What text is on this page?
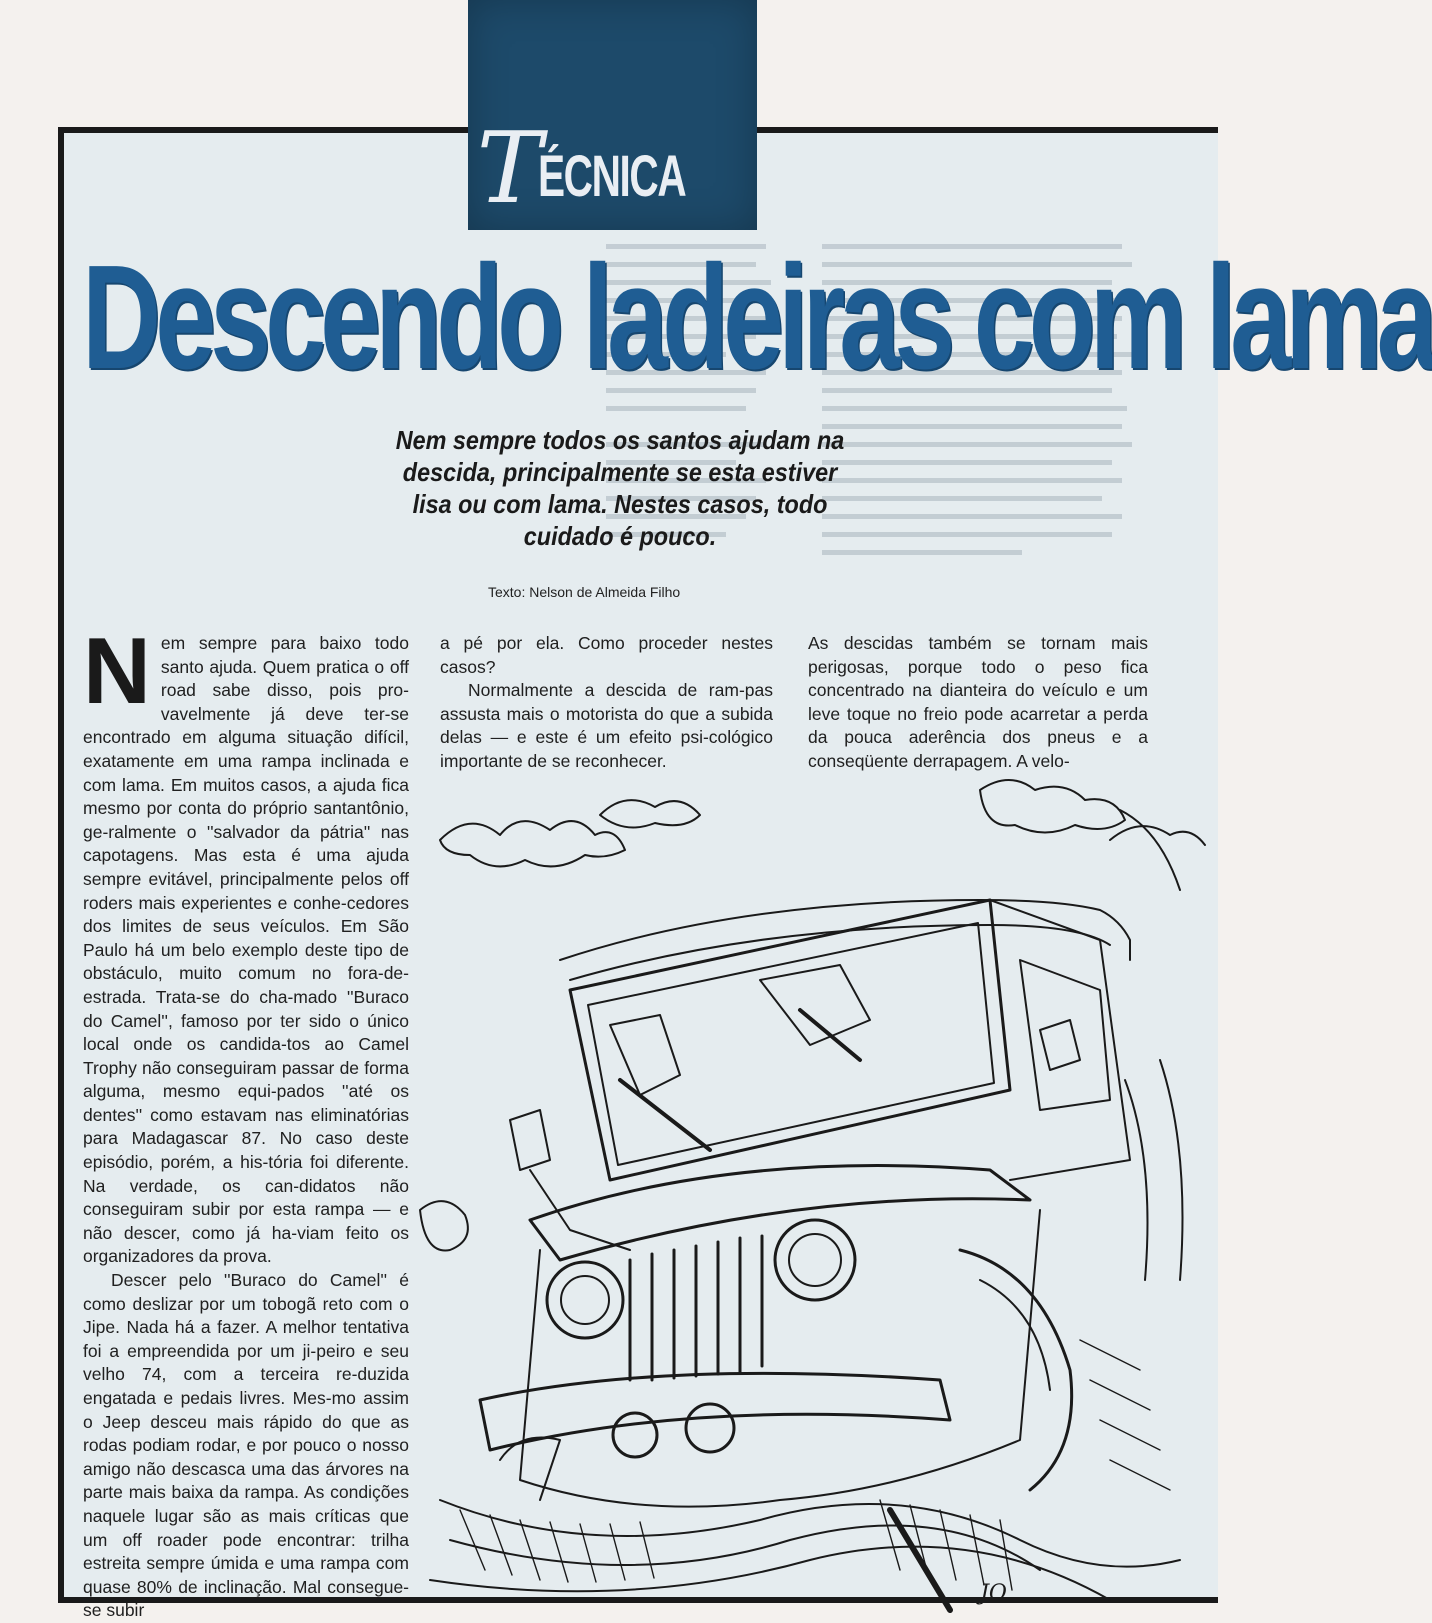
TÉCNICA
Descendo ladeiras com lama
Nem sempre todos os santos ajudam na descida, principalmente se esta estiver lisa ou com lama. Nestes casos, todo cuidado é pouco.
Texto: Nelson de Almeida Filho

Nem sempre para baixo todo santo ajuda. Quem pratica o off road sabe disso, pois pro-vavelmente já deve ter-se encontrado em alguma situação difícil, exatamente em uma rampa inclinada e com lama. Em muitos casos, a ajuda fica mesmo por conta do próprio santantônio, ge-ralmente o ''salvador da pátria'' nas capotagens. Mas esta é uma ajuda sempre evitável, principalmente pelos off roders mais experientes e conhe-cedores dos limites de seus veículos. Em São Paulo há um belo exemplo deste tipo de obstáculo, muito comum no fora-de-estrada. Trata-se do cha-mado ''Buraco do Camel'', famoso por ter sido o único local onde os candida-tos ao Camel Trophy não conseguiram passar de forma alguma, mesmo equi-pados ''até os dentes'' como estavam nas eliminatórias para Madagascar 87. No caso deste episódio, porém, a his-tória foi diferente. Na verdade, os can-didatos não conseguiram subir por esta rampa — e não descer, como já ha-viam feito os organizadores da prova.

Descer pelo ''Buraco do Camel'' é como deslizar por um tobogã reto com o Jipe. Nada há a fazer. A melhor tentativa foi a empreendida por um ji-peiro e seu velho 74, com a terceira re-duzida engatada e pedais livres. Mes-mo assim o Jeep desceu mais rápido do que as rodas podiam rodar, e por pouco o nosso amigo não descasca uma das árvores na parte mais baixa da rampa. As condições naquele lugar são as mais críticas que um off roader pode encontrar: trilha estreita sempre úmida e uma rampa com quase 80% de inclinação. Mal consegue-se subir

a pé por ela. Como proceder nestes casos?

Normalmente a descida de ram-pas assusta mais o motorista do que a subida delas — e este é um efeito psi-cológico importante de se reconhecer.

As descidas também se tornam mais perigosas, porque todo o peso fica concentrado na dianteira do veículo e um leve toque no freio pode acarretar a perda da pouca aderência dos pneus e a conseqüente derrapagem. A velo-

JO
